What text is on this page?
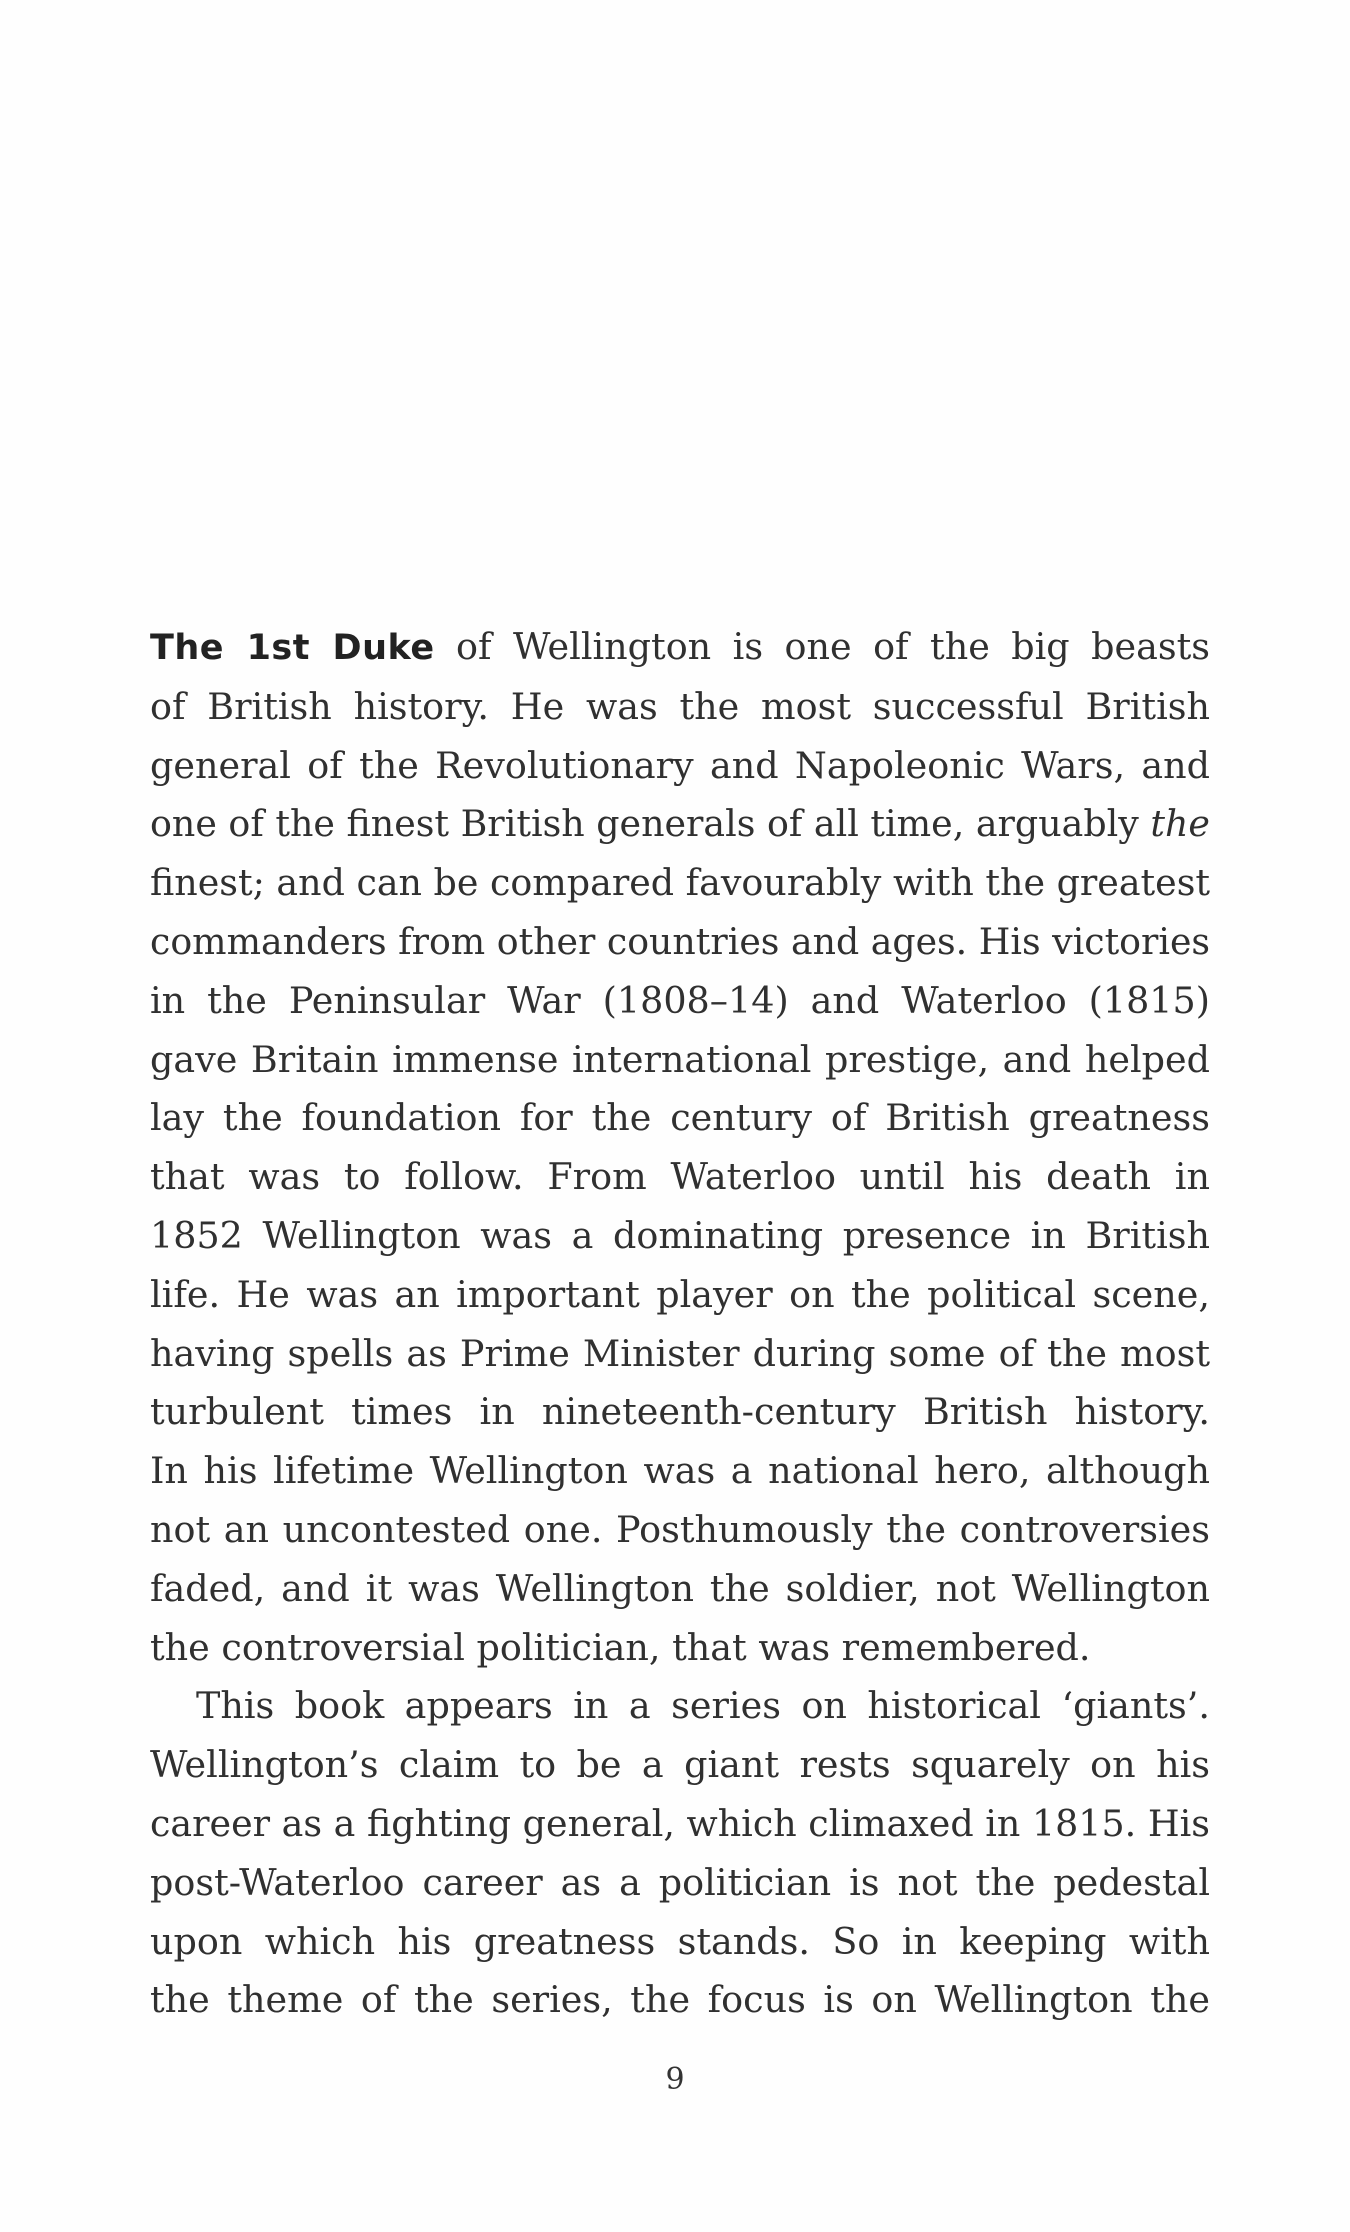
The 1st Duke of Wellington is one of the big beasts
of British history. He was the most successful British
general of the Revolutionary and Napoleonic Wars, and
one of the finest British generals of all time, arguably the
finest; and can be compared favourably with the greatest
commanders from other countries and ages. His victories
in the Peninsular War (1808–14) and Waterloo (1815)
gave Britain immense international prestige, and helped
lay the foundation for the century of British greatness
that was to follow. From Waterloo until his death in
1852 Wellington was a dominating presence in British
life. He was an important player on the political scene,
having spells as Prime Minister during some of the most
turbulent times in nineteenth-century British history.
In his lifetime Wellington was a national hero, although
not an uncontested one. Posthumously the controversies
faded, and it was Wellington the soldier, not Wellington
the controversial politician, that was remembered.

This book appears in a series on historical ‘giants’.
Wellington’s claim to be a giant rests squarely on his
career as a fighting general, which climaxed in 1815. His
post-Waterloo career as a politician is not the pedestal
upon which his greatness stands. So in keeping with
the theme of the series, the focus is on Wellington the

9
